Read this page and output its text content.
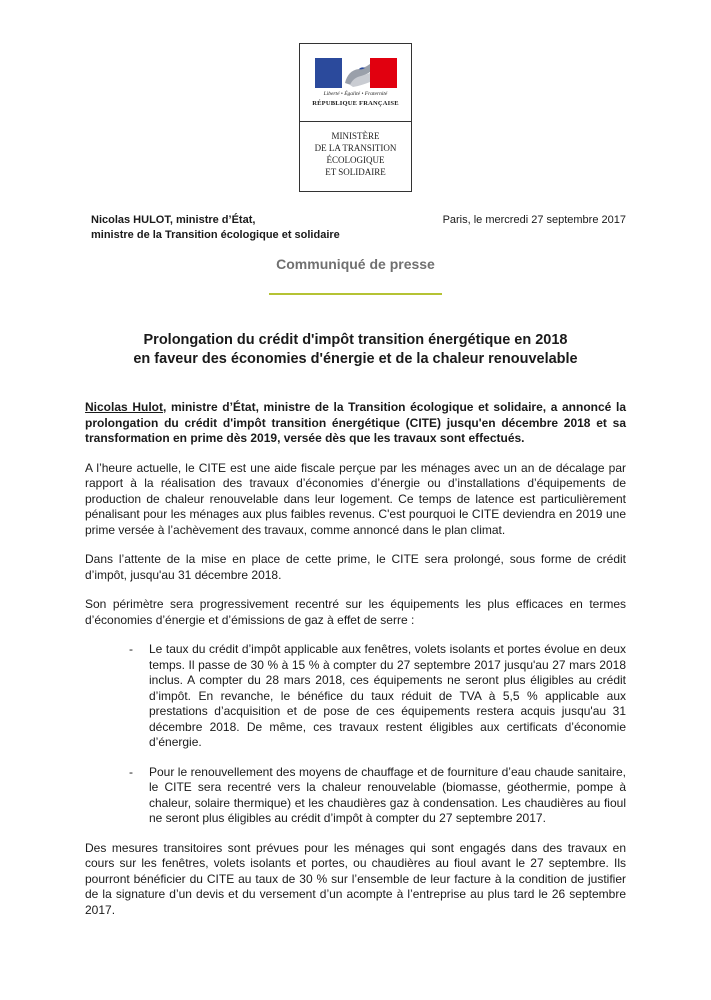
Liberté • Égalité • Fraternité
RÉPUBLIQUE FRANÇAISE
MINISTÈRE
DE LA TRANSITION
ÉCOLOGIQUE
ET SOLIDAIRE
Nicolas HULOT, ministre d’État,
ministre de la Transition écologique et solidaire
Paris, le mercredi 27 septembre 2017
Communiqué de presse
Prolongation du crédit d'impôt transition énergétique en 2018
en faveur des économies d'énergie et de la chaleur renouvelable

Nicolas Hulot, ministre d’État, ministre de la Transition écologique et solidaire, a annoncé la prolongation du crédit d'impôt transition énergétique (CITE) jusqu'en décembre 2018 et sa transformation en prime dès 2019, versée dès que les travaux sont effectués.

A l’heure actuelle, le CITE est une aide fiscale perçue par les ménages avec un an de décalage par rapport à la réalisation des travaux d’économies d’énergie ou d’installations d’équipements de production de chaleur renouvelable dans leur logement. Ce temps de latence est particulièrement pénalisant pour les ménages aux plus faibles revenus. C'est pourquoi le CITE deviendra en 2019 une prime versée à l’achèvement des travaux, comme annoncé dans le plan climat.

Dans l’attente de la mise en place de cette prime, le CITE sera prolongé, sous forme de crédit d’impôt, jusqu'au 31 décembre 2018.

Son périmètre sera progressivement recentré sur les équipements les plus efficaces en termes d’économies d’énergie et d’émissions de gaz à effet de serre :

- Le taux du crédit d’impôt applicable aux fenêtres, volets isolants et portes évolue en deux temps. Il passe de 30 % à 15 % à compter du 27 septembre 2017 jusqu'au 27 mars 2018 inclus. A compter du 28 mars 2018, ces équipements ne seront plus éligibles au crédit d’impôt. En revanche, le bénéfice du taux réduit de TVA à 5,5 % applicable aux prestations d’acquisition et de pose de ces équipements restera acquis jusqu'au 31 décembre 2018. De même, ces travaux restent éligibles aux certificats d’économie d’énergie.

- Pour le renouvellement des moyens de chauffage et de fourniture d’eau chaude sanitaire, le CITE sera recentré vers la chaleur renouvelable (biomasse, géothermie, pompe à chaleur, solaire thermique) et les chaudières gaz à condensation. Les chaudières au fioul ne seront plus éligibles au crédit d’impôt à compter du 27 septembre 2017.

Des mesures transitoires sont prévues pour les ménages qui sont engagés dans des travaux en cours sur les fenêtres, volets isolants et portes, ou chaudières au fioul avant le 27 septembre. Ils pourront bénéficier du CITE au taux de 30 % sur l’ensemble de leur facture à la condition de justifier de la signature d’un devis et du versement d’un acompte à l’entreprise au plus tard le 26 septembre 2017.
